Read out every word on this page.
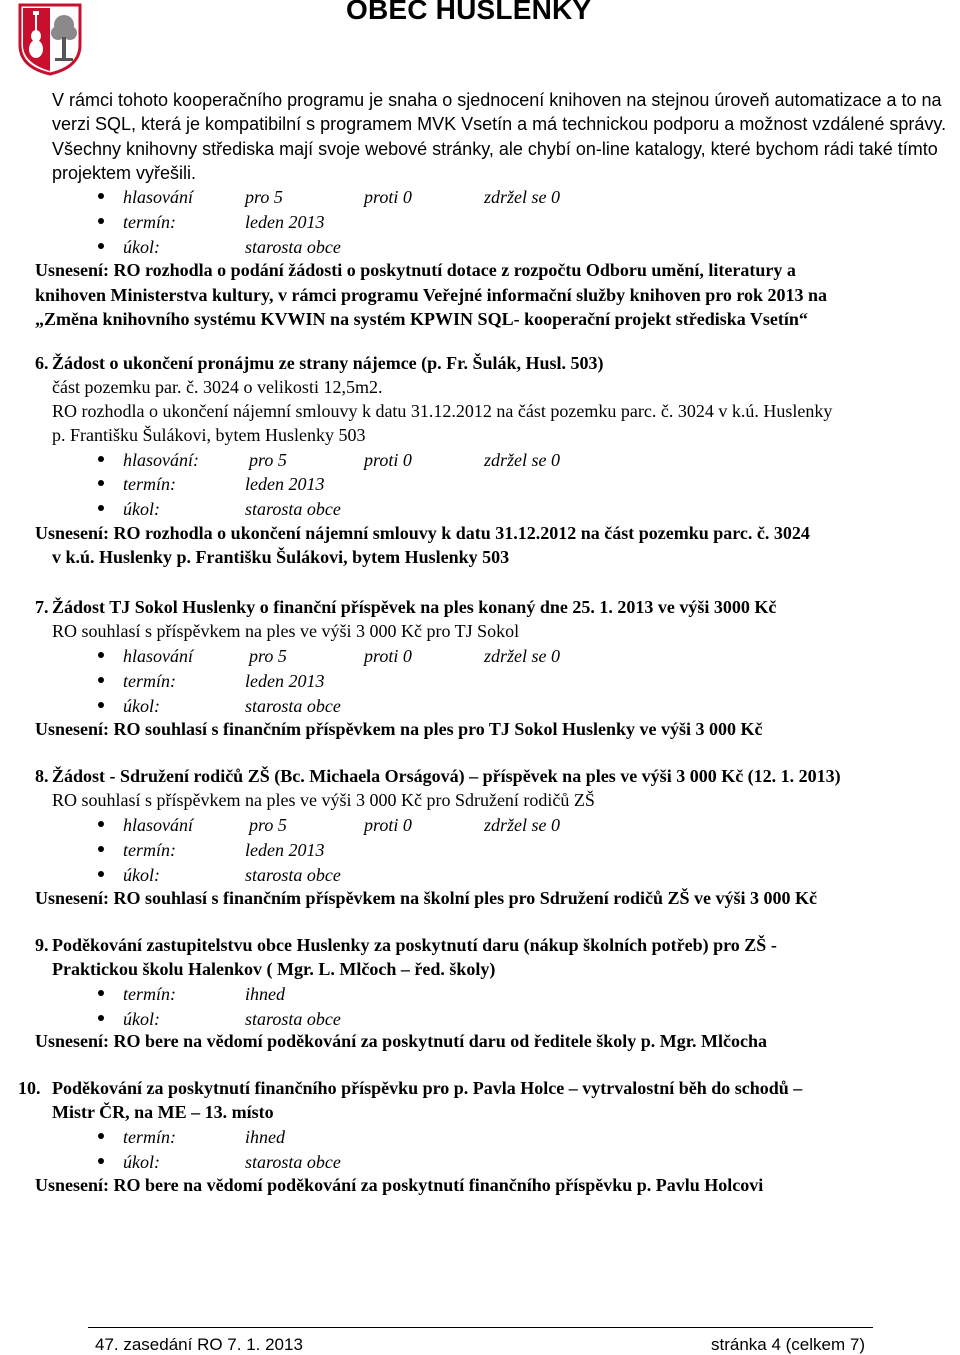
OBEC HUSLENKY
V rámci tohoto kooperačního programu je snaha o sjednocení knihoven na stejnou úroveň automatizace a to na verzi SQL, která je kompatibilní s programem MVK Vsetín a má technickou podporu a možnost vzdálené správy. Všechny knihovny střediska mají svoje webové stránky, ale chybí on-line katalogy, které bychom rádi také tímto projektem vyřešili.
hlasování	pro 5	proti 0	zdržel se 0
termín:	leden 2013
úkol:	starosta obce
Usnesení: RO rozhodla o podání žádosti o poskytnutí dotace z rozpočtu Odboru umění, literatury a
knihoven Ministerstva kultury, v rámci programu Veřejné informační služby knihoven pro rok 2013 na
„Změna knihovního systému KVWIN na systém KPWIN SQL- kooperační projekt střediska Vsetín“
6. Žádost o ukončení pronájmu ze strany nájemce (p. Fr. Šulák, Husl. 503)
část pozemku par. č. 3024 o velikosti 12,5m2.
RO rozhodla o ukončení nájemní smlouvy k datu 31.12.2012 na část pozemku parc. č. 3024 v k.ú. Huslenky
p. Františku Šulákovi, bytem Huslenky 503
hlasování:	pro 5	proti 0	zdržel se 0
termín:	leden 2013
úkol:	starosta obce
Usnesení: RO rozhodla o ukončení nájemní smlouvy k datu 31.12.2012 na část pozemku parc. č. 3024
v k.ú. Huslenky p. Františku Šulákovi, bytem Huslenky 503
7. Žádost TJ Sokol Huslenky o finanční příspěvek na ples konaný dne 25. 1. 2013 ve výši 3000 Kč
RO souhlasí s příspěvkem na ples ve výši 3 000 Kč pro TJ Sokol
hlasování	pro 5	proti 0	zdržel se 0
termín:	leden 2013
úkol:	starosta obce
Usnesení: RO souhlasí s finančním příspěvkem na ples pro TJ Sokol Huslenky ve výši 3 000 Kč
8. Žádost - Sdružení rodičů ZŠ (Bc. Michaela Orságová) – příspěvek na ples ve výši 3 000 Kč (12. 1. 2013)
RO souhlasí s příspěvkem na ples ve výši 3 000 Kč pro Sdružení rodičů ZŠ
hlasování	pro 5	proti 0	zdržel se 0
termín:	leden 2013
úkol:	starosta obce
Usnesení: RO souhlasí s finančním příspěvkem na školní ples pro Sdružení rodičů ZŠ ve výši 3 000 Kč
9. Poděkování zastupitelstvu obce Huslenky za poskytnutí daru (nákup školních potřeb) pro ZŠ -
Praktickou školu Halenkov ( Mgr. L. Mlčoch – řed. školy)
termín:	ihned
úkol:	starosta obce
Usnesení: RO bere na vědomí poděkování za poskytnutí daru od ředitele školy p. Mgr. Mlčocha
10. Poděkování za poskytnutí finančního příspěvku pro p. Pavla Holce – vytrvalostní běh do schodů –
Mistr ČR, na ME – 13. místo
termín:	ihned
úkol:	starosta obce
Usnesení: RO bere na vědomí poděkování za poskytnutí finančního příspěvku p. Pavlu Holcovi
47. zasedání RO 7. 1. 2013	stránka 4 (celkem 7)
